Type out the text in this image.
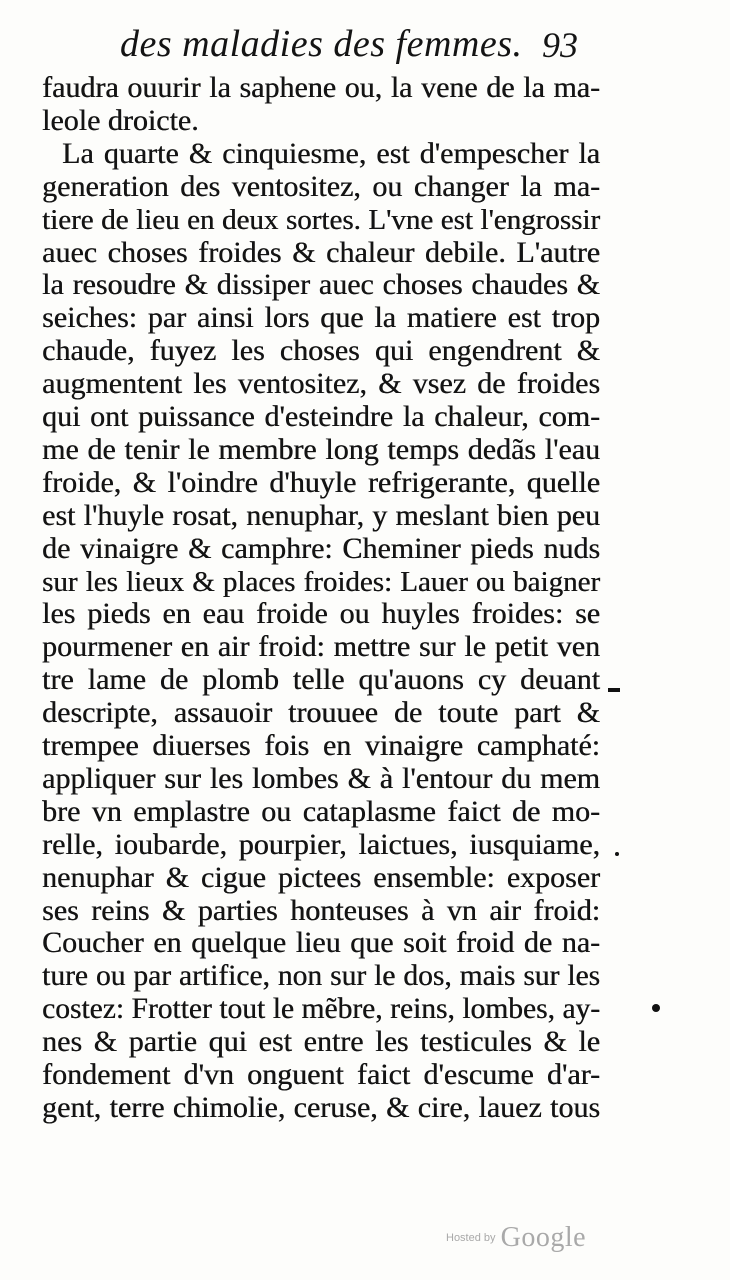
des maladies des femmes. 93
faudra ouurir la saphene ou, la vene de la ma-
leole droicte.
La quarte & cinquiesme, est d'empescher la
generation des ventositez, ou changer la ma-
tiere de lieu en deux sortes. L'vne est l'engrossir
auec choses froides & chaleur debile. L'autre
la resoudre & dissiper auec choses chaudes &
seiches: par ainsi lors que la matiere est trop
chaude, fuyez les choses qui engendrent &
augmentent les ventositez, & vsez de froides
qui ont puissance d'esteindre la chaleur, com-
me de tenir le membre long temps dedãs l'eau
froide, & l'oindre d'huyle refrigerante, quelle
est l'huyle rosat, nenuphar, y meslant bien peu
de vinaigre & camphre: Cheminer pieds nuds
sur les lieux & places froides: Lauer ou baigner
les pieds en eau froide ou huyles froides: se
pourmener en air froid: mettre sur le petit ven
tre lame de plomb telle qu'auons cy deuant
descripte, assauoir trouuee de toute part &
trempee diuerses fois en vinaigre camphaté:
appliquer sur les lombes & à l'entour du mem
bre vn emplastre ou cataplasme faict de mo-
relle, ioubarde, pourpier, laictues, iusquiame,
nenuphar & cigue pictees ensemble: exposer
ses reins & parties honteuses à vn air froid:
Coucher en quelque lieu que soit froid de na-
ture ou par artifice, non sur le dos, mais sur les
costez: Frotter tout le mẽbre, reins, lombes, ay-
nes & partie qui est entre les testicules & le
fondement d'vn onguent faict d'escume d'ar-
gent, terre chimolie, ceruse, & cire, lauez tous
Hosted by Google
